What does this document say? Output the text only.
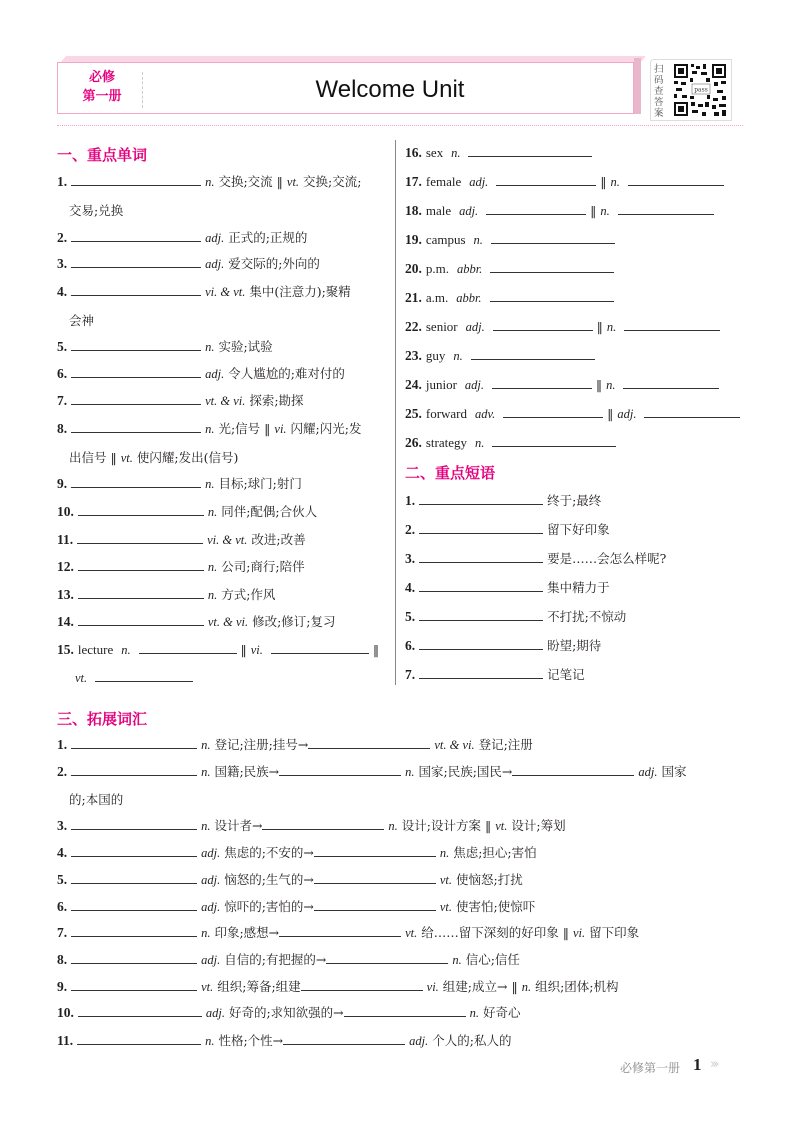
必修
第一册	Welcome Unit
扫码查答案
pass
一、重点单词
二、重点短语
三、拓展词汇
必修第一册 1 ›››
1.	n. 交换;交流 ‖ vt. 交换;交流;
交易;兑换
2.	adj. 正式的;正规的
3.	adj. 爱交际的;外向的
4.	vi. & vt. 集中(注意力);聚精
会神
5.	n. 实验;试验
6.	adj. 令人尴尬的;难对付的
7.	vt. & vi. 探索;勘探
8.	n. 光;信号 ‖ vi. 闪耀;闪光;发
出信号 ‖ vt. 使闪耀;发出(信号)
9.	n. 目标;球门;射门
10.	n. 同伴;配偶;合伙人
11.	vi. & vt. 改进;改善
12.	n. 公司;商行;陪伴
13.	n. 方式;作风
14.	vt. & vi. 修改;修订;复习
15. lecture n.	‖ vi.	‖
vt.
16. sex n.
17. female adj.	‖ n.
18. male adj.	‖ n.
19. campus n.
20. p.m. abbr.
21. a.m. abbr.
22. senior adj.	‖ n.
23. guy n.
24. junior adj.	‖ n.
25. forward adv.	‖ adj.
26. strategy n.
1.	终于;最终
2.	留下好印象
3.	要是……会怎么样呢?
4.	集中精力于
5.	不打扰;不惊动
6.	盼望;期待
7.	记笔记
1.	n. 登记;注册;挂号→	vt. & vi. 登记;注册
2.	n. 国籍;民族→	n. 国家;民族;国民→	adj. 国家
的;本国的
3.	n. 设计者→	n. 设计;设计方案 ‖ vt. 设计;筹划
4.	adj. 焦虑的;不安的→	n. 焦虑;担心;害怕
5.	adj. 恼怒的;生气的→	vt. 使恼怒;打扰
6.	adj. 惊吓的;害怕的→	vt. 使害怕;使惊吓
7.	n. 印象;感想→	vt. 给……留下深刻的好印象 ‖ vi. 留下印象
8.	adj. 自信的;有把握的→	n. 信心;信任
9.	vt. 组织;筹备;组建	vi. 组建;成立→ ‖ n. 组织;团体;机构
10.	adj. 好奇的;求知欲强的→	n. 好奇心
11.	n. 性格;个性→	adj. 个人的;私人的
